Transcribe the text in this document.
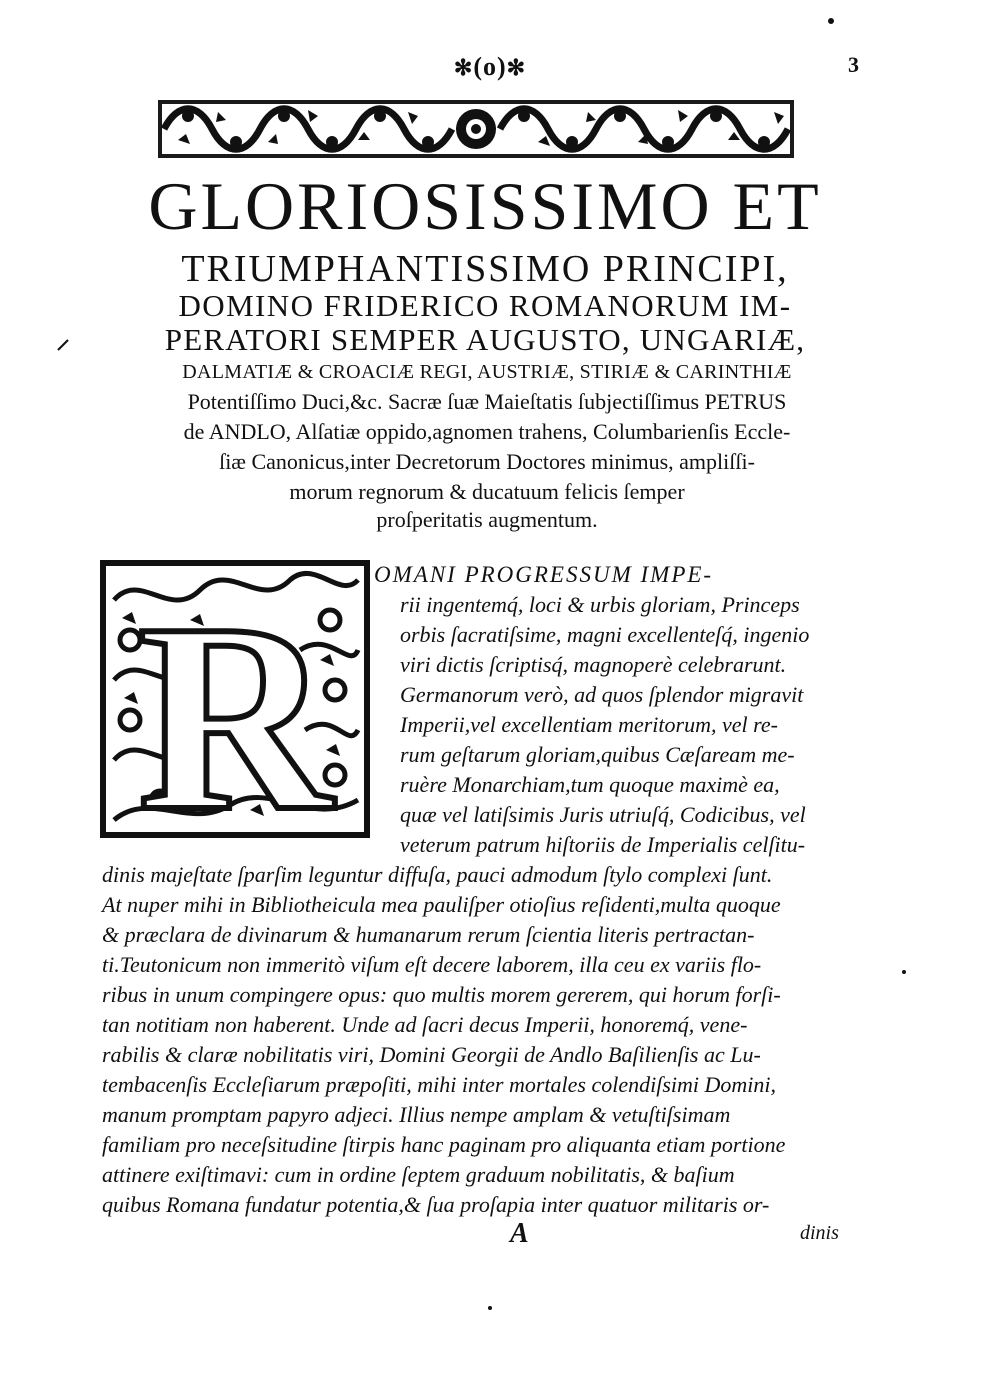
✻(o)✻	3
GLORIOSISSIMO ET
TRIUMPHANTISSIMO PRINCIPI,
DOMINO FRIDERICO ROMANORUM IM-
PERATORI SEMPER AUGUSTO, UNGARIÆ,
DALMATIÆ & CROACIÆ REGI, AUSTRIÆ, STIRIÆ & CARINTHIÆ
Potentiſſimo Duci,&c. Sacræ ſuæ Maieſtatis ſubjectiſſimus PETRUS
de ANDLO, Alſatiæ oppido,agnomen trahens, Columbarienſis Eccle-
ſiæ Canonicus,inter Decretorum Doctores minimus, ampliſſi-
morum regnorum & ducatuum felicis ſemper
proſperitatis augmentum.
R OMANI PROGRESSUM IMPE-
rii ingentemq́, loci & urbis gloriam, Princeps
orbis ſacratiſsime, magni excellenteſq́, ingenio
viri dictis ſcriptisq́, magnoperè celebrarunt.
Germanorum verò, ad quos ſplendor migravit
Imperii,vel excellentiam meritorum, vel re-
rum geſtarum gloriam,quibus Cæſaream me-
ruère Monarchiam,tum quoque maximè ea,
quæ vel latiſsimis Juris utriuſq́, Codicibus, vel
veterum patrum hiſtoriis de Imperialis celſitu-
dinis majeſtate ſparſim leguntur diffuſa, pauci admodum ſtylo complexi ſunt.
At nuper mihi in Bibliotheicula mea pauliſper otioſius reſidenti,multa quoque
& præclara de divinarum & humanarum rerum ſcientia literis pertractan-
ti.Teutonicum non immeritò viſum eſt decere laborem, illa ceu ex variis flo-
ribus in unum compingere opus: quo multis morem gererem, qui horum forſi-
tan notitiam non haberent. Unde ad ſacri decus Imperii, honoremq́, vene-
rabilis & claræ nobilitatis viri, Domini Georgii de Andlo Baſilienſis ac Lu-
tembacenſis Eccleſiarum præpoſiti, mihi inter mortales colendiſsimi Domini,
manum promptam papyro adjeci. Illius nempe amplam & vetuſtiſsimam
familiam pro neceſsitudine ſtirpis hanc paginam pro aliquanta etiam portione
attinere exiſtimavi: cum in ordine ſeptem graduum nobilitatis, & baſium
quibus Romana fundatur potentia,& ſua proſapia inter quatuor militaris or-
A	dinis
